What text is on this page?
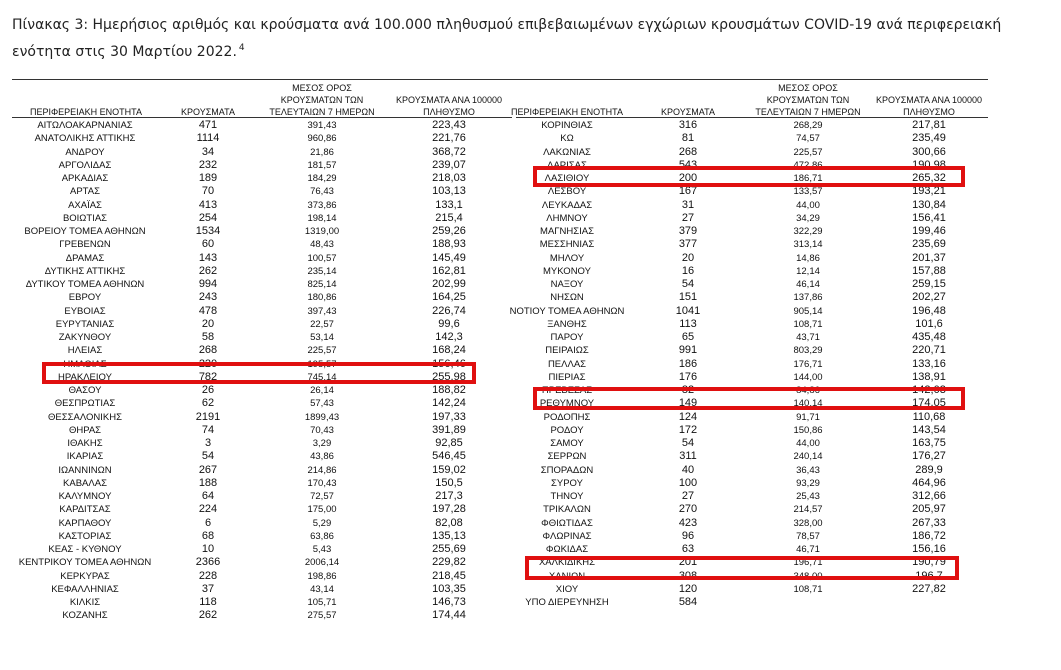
Πίνακας 3: Ημερήσιος αριθμός και κρούσματα ανά 100.000 πληθυσμού επιβεβαιωμένων εγχώριων κρουσμάτων COVID-19 ανά περιφερειακή ενότητα στις 30 Μαρτίου 2022. $^4$
ΠΕΡΙΦΕΡΕΙΑΚΗ ΕΝΟΤΗΤΑ	ΚΡΟΥΣΜΑΤΑ
ΜΕΣΟΣ ΟΡΟΣ
ΚΡΟΥΣΜΑΤΩΝ ΤΩΝ
ΤΕΛΕΥΤΑΙΩΝ 7 ΗΜΕΡΩΝ
ΚΡΟΥΣΜΑΤΑ ΑΝΑ 100000
ΠΛΗΘΥΣΜΟ	ΠΕΡΙΦΕΡΕΙΑΚΗ ΕΝΟΤΗΤΑ	ΚΡΟΥΣΜΑΤΑ
ΜΕΣΟΣ ΟΡΟΣ
ΚΡΟΥΣΜΑΤΩΝ ΤΩΝ
ΤΕΛΕΥΤΑΙΩΝ 7 ΗΜΕΡΩΝ
ΚΡΟΥΣΜΑΤΑ ΑΝΑ 100000
ΠΛΗΘΥΣΜΟ
ΑΙΤΩΛΟΑΚΑΡΝΑΝΙΑΣ	471	391,43	223,43
ΑΝΑΤΟΛΙΚΗΣ ΑΤΤΙΚΗΣ	1114	960,86	221,76
ΑΝΔΡΟΥ	34	21,86	368,72
ΑΡΓΟΛΙΔΑΣ	232	181,57	239,07
ΑΡΚΑΔΙΑΣ	189	184,29	218,03
ΑΡΤΑΣ	70	76,43	103,13
ΑΧΑΪΑΣ	413	373,86	133,1
ΒΟΙΩΤΙΑΣ	254	198,14	215,4
ΒΟΡΕΙΟΥ ΤΟΜΕΑ ΑΘΗΝΩΝ	1534	1319,00	259,26
ΓΡΕΒΕΝΩΝ	60	48,43	188,93
ΔΡΑΜΑΣ	143	100,57	145,49
ΔΥΤΙΚΗΣ ΑΤΤΙΚΗΣ	262	235,14	162,81
ΔΥΤΙΚΟΥ ΤΟΜΕΑ ΑΘΗΝΩΝ	994	825,14	202,99
ΕΒΡΟΥ	243	180,86	164,25
ΕΥΒΟΙΑΣ	478	397,43	226,74
ΕΥΡΥΤΑΝΙΑΣ	20	22,57	99,6
ΖΑΚΥΝΘΟΥ	58	53,14	142,3
ΗΛΕΙΑΣ	268	225,57	168,24
ΗΜΑΘΙΑΣ	220	195,57	156,46
ΗΡΑΚΛΕΙΟΥ	782	745,14	255,98
ΘΑΣΟΥ	26	26,14	188,82
ΘΕΣΠΡΩΤΙΑΣ	62	57,43	142,24
ΘΕΣΣΑΛΟΝΙΚΗΣ	2191	1899,43	197,33
ΘΗΡΑΣ	74	70,43	391,89
ΙΘΑΚΗΣ	3	3,29	92,85
ΙΚΑΡΙΑΣ	54	43,86	546,45
ΙΩΑΝΝΙΝΩΝ	267	214,86	159,02
ΚΑΒΑΛΑΣ	188	170,43	150,5
ΚΑΛΥΜΝΟΥ	64	72,57	217,3
ΚΑΡΔΙΤΣΑΣ	224	175,00	197,28
ΚΑΡΠΑΘΟΥ	6	5,29	82,08
ΚΑΣΤΟΡΙΑΣ	68	63,86	135,13
ΚΕΑΣ - ΚΥΘΝΟΥ	10	5,43	255,69
ΚΕΝΤΡΙΚΟΥ ΤΟΜΕΑ ΑΘΗΝΩΝ	2366	2006,14	229,82
ΚΕΡΚΥΡΑΣ	228	198,86	218,45
ΚΕΦΑΛΛΗΝΙΑΣ	37	43,14	103,35
ΚΙΛΚΙΣ	118	105,71	146,73
ΚΟΖΑΝΗΣ	262	275,57	174,44
ΚΟΡΙΝΘΙΑΣ	316	268,29	217,81
ΚΩ	81	74,57	235,49
ΛΑΚΩΝΙΑΣ	268	225,57	300,66
ΛΑΡΙΣΑΣ	543	472,86	190,98
ΛΑΣΙΘΙΟΥ	200	186,71	265,32
ΛΕΣΒΟΥ	167	133,57	193,21
ΛΕΥΚΑΔΑΣ	31	44,00	130,84
ΛΗΜΝΟΥ	27	34,29	156,41
ΜΑΓΝΗΣΙΑΣ	379	322,29	199,46
ΜΕΣΣΗΝΙΑΣ	377	313,14	235,69
ΜΗΛΟΥ	20	14,86	201,37
ΜΥΚΟΝΟΥ	16	12,14	157,88
ΝΑΞΟΥ	54	46,14	259,15
ΝΗΣΩΝ	151	137,86	202,27
ΝΟΤΙΟΥ ΤΟΜΕΑ ΑΘΗΝΩΝ	1041	905,14	196,48
ΞΑΝΘΗΣ	113	108,71	101,6
ΠΑΡΟΥ	65	43,71	435,48
ΠΕΙΡΑΙΩΣ	991	803,29	220,71
ΠΕΛΛΑΣ	186	176,71	133,16
ΠΙΕΡΙΑΣ	176	144,00	138,91
ΠΡΕΒΕΖΑΣ	82	84,86	142,03
ΡΕΘΥΜΝΟΥ	149	140,14	174,05
ΡΟΔΟΠΗΣ	124	91,71	110,68
ΡΟΔΟΥ	172	150,86	143,54
ΣΑΜΟΥ	54	44,00	163,75
ΣΕΡΡΩΝ	311	240,14	176,27
ΣΠΟΡΑΔΩΝ	40	36,43	289,9
ΣΥΡΟΥ	100	93,29	464,96
ΤΗΝΟΥ	27	25,43	312,66
ΤΡΙΚΑΛΩΝ	270	214,57	205,97
ΦΘΙΩΤΙΔΑΣ	423	328,00	267,33
ΦΛΩΡΙΝΑΣ	96	78,57	186,72
ΦΩΚΙΔΑΣ	63	46,71	156,16
ΧΑΛΚΙΔΙΚΗΣ	201	196,71	190,79
ΧΑΝΙΩΝ	308	348,00	196,7
ΧΙΟΥ	120	108,71	227,82
ΥΠΟ ΔΙΕΡΕΥΝΗΣΗ	584
